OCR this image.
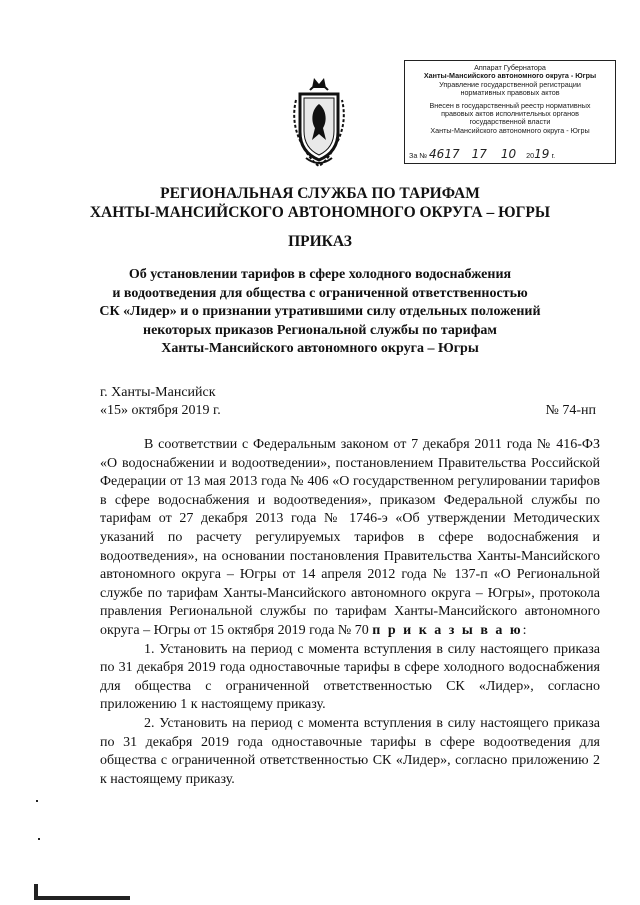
Аппарат Губернатора
Ханты-Мансийского автономного округа - Югры
Управление государственной регистрации
нормативных правовых актов
Внесен в государственный реестр нормативных
правовых актов исполнительных органов
государственной власти
Ханты-Мансийского автономного округа - Югры
За № 4617 17 10 2019 г.
РЕГИОНАЛЬНАЯ СЛУЖБА ПО ТАРИФАМ
ХАНТЫ-МАНСИЙСКОГО АВТОНОМНОГО ОКРУГА – ЮГРЫ
ПРИКАЗ
Об установлении тарифов в сфере холодного водоснабжения
и водоотведения для общества с ограниченной ответственностью
СК «Лидер» и о признании утратившими силу отдельных положений
некоторых приказов Региональной службы по тарифам
Ханты-Мансийского автономного округа – Югры
г. Ханты-Мансийск
«15» октября 2019 г.	№ 74-нп

В соответствии с Федеральным законом от 7 декабря 2011 года № 416-ФЗ «О водоснабжении и водоотведении», постановлением Правительства Российской Федерации от 13 мая 2013 года № 406 «О государственном регулировании тарифов в сфере водоснабжения и водоотведения», приказом Федеральной службы по тарифам от 27 декабря 2013 года № 1746-э «Об утверждении Методических указаний по расчету регулируемых тарифов в сфере водоснабжения и водоотведения», на основании постановления Правительства Ханты-Мансийского автономного округа – Югры от 14 апреля 2012 года № 137-п «О Региональной службе по тарифам Ханты-Мансийского автономного округа – Югры», протокола правления Региональной службы по тарифам Ханты-Мансийского автономного округа – Югры от 15 октября 2019 года № 70 п р и к а з ы в а ю:

1. Установить на период с момента вступления в силу настоящего приказа по 31 декабря 2019 года одноставочные тарифы в сфере холодного водоснабжения для общества с ограниченной ответственностью СК «Лидер», согласно приложению 1 к настоящему приказу.

2. Установить на период с момента вступления в силу настоящего приказа по 31 декабря 2019 года одноставочные тарифы в сфере водоотведения для общества с ограниченной ответственностью СК «Лидер», согласно приложению 2 к настоящему приказу.
